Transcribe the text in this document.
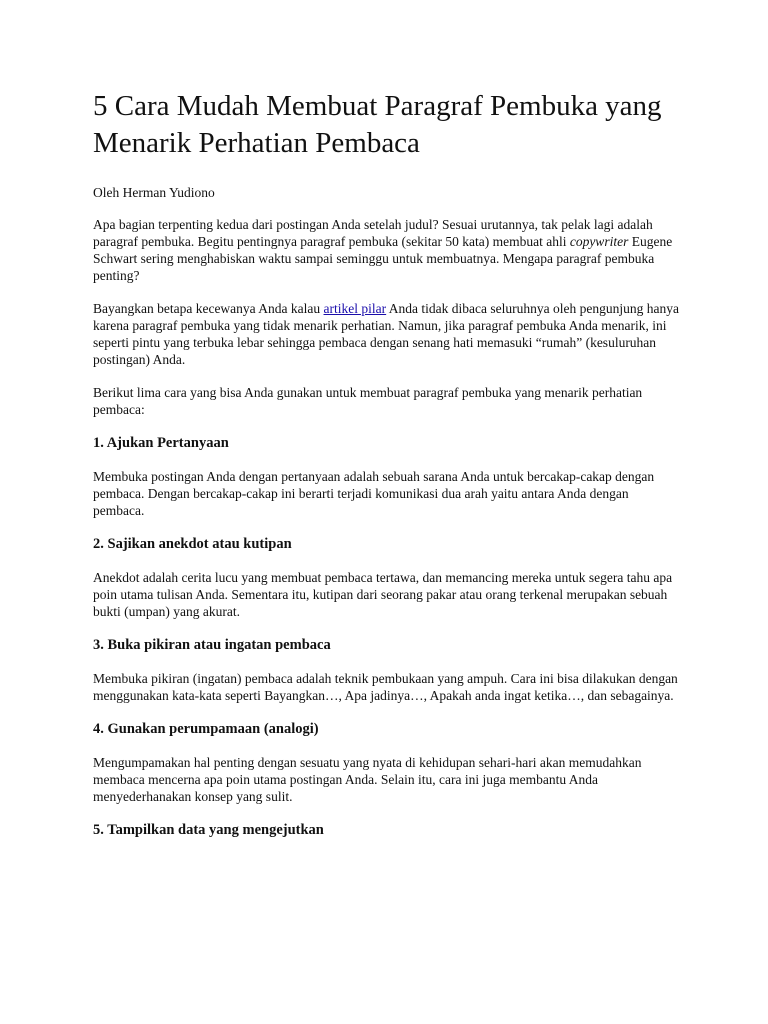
5 Cara Mudah Membuat Paragraf Pembuka yang Menarik Perhatian Pembaca
Oleh Herman Yudiono

Apa bagian terpenting kedua dari postingan Anda setelah judul? Sesuai urutannya, tak pelak lagi adalah paragraf pembuka. Begitu pentingnya paragraf pembuka (sekitar 50 kata) membuat ahli copywriter Eugene Schwart sering menghabiskan waktu sampai seminggu untuk membuatnya. Mengapa paragraf pembuka penting?

Bayangkan betapa kecewanya Anda kalau artikel pilar Anda tidak dibaca seluruhnya oleh pengunjung hanya karena paragraf pembuka yang tidak menarik perhatian. Namun, jika paragraf pembuka Anda menarik, ini seperti pintu yang terbuka lebar sehingga pembaca dengan senang hati memasuki “rumah” (kesuluruhan postingan) Anda.

Berikut lima cara yang bisa Anda gunakan untuk membuat paragraf pembuka yang menarik perhatian pembaca:

1. Ajukan Pertanyaan

Membuka postingan Anda dengan pertanyaan adalah sebuah sarana Anda untuk bercakap-cakap dengan pembaca. Dengan bercakap-cakap ini berarti terjadi komunikasi dua arah yaitu antara Anda dengan pembaca.

2. Sajikan anekdot atau kutipan

Anekdot adalah cerita lucu yang membuat pembaca tertawa, dan memancing mereka untuk segera tahu apa poin utama tulisan Anda. Sementara itu, kutipan dari seorang pakar atau orang terkenal merupakan sebuah bukti (umpan) yang akurat.

3. Buka pikiran atau ingatan pembaca

Membuka pikiran (ingatan) pembaca adalah teknik pembukaan yang ampuh. Cara ini bisa dilakukan dengan menggunakan kata-kata seperti Bayangkan…, Apa jadinya…, Apakah anda ingat ketika…, dan sebagainya.

4. Gunakan perumpamaan (analogi)

Mengumpamakan hal penting dengan sesuatu yang nyata di kehidupan sehari-hari akan memudahkan membaca mencerna apa poin utama postingan Anda. Selain itu, cara ini juga membantu Anda menyederhanakan konsep yang sulit.

5. Tampilkan data yang mengejutkan
